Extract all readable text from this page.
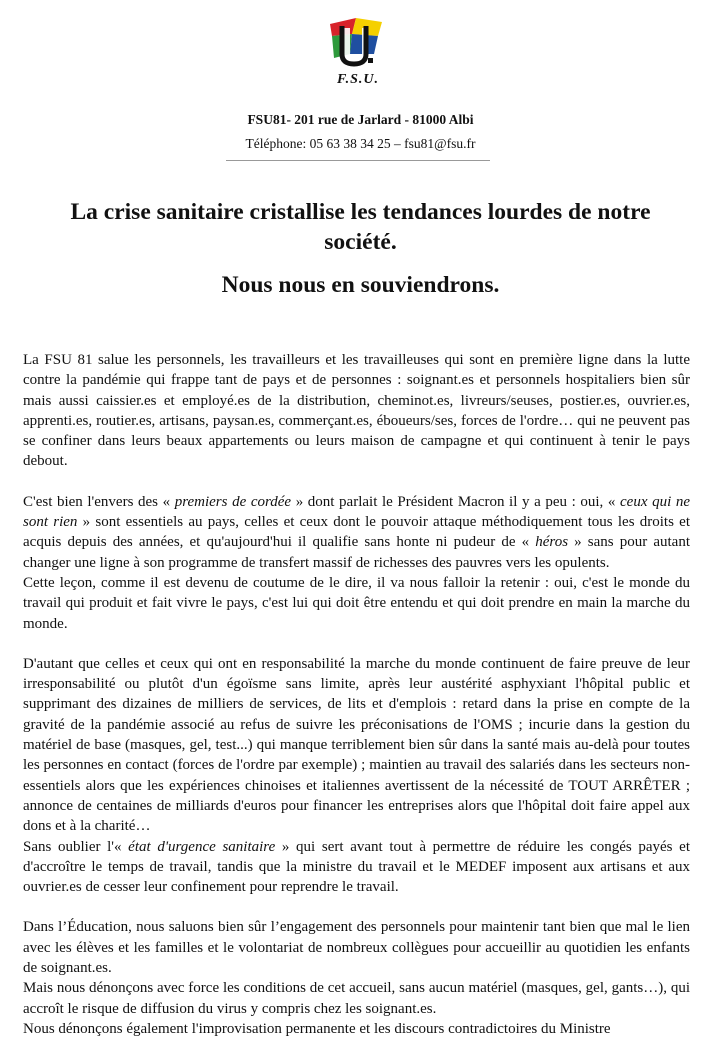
F.S.U.
FSU81- 201 rue de Jarlard - 81000 Albi
Téléphone: 05 63 38 34 25 – fsu81@fsu.fr
La crise sanitaire cristallise les tendances lourdes de notre société.
Nous nous en souviendrons.

La FSU 81 salue les personnels, les travailleurs et les travailleuses qui sont en première ligne dans la lutte contre la pandémie qui frappe tant de pays et de personnes : soignant.es et personnels hospitaliers bien sûr mais aussi caissier.es et employé.es de la distribution, cheminot.es, livreurs/seuses, postier.es, ouvrier.es, apprenti.es, routier.es, artisans, paysan.es, commerçant.es, éboueurs/ses, forces de l'ordre… qui ne peuvent pas se confiner dans leurs beaux appartements ou leurs maison de campagne et qui continuent à tenir le pays debout.

C'est bien l'envers des « premiers de cordée » dont parlait le Président Macron il y a peu : oui, « ceux qui ne sont rien » sont essentiels au pays, celles et ceux dont le pouvoir attaque méthodiquement tous les droits et acquis depuis des années, et qu'aujourd'hui il qualifie sans honte ni pudeur de « héros » sans pour autant changer une ligne à son programme de transfert massif de richesses des pauvres vers les opulents.

Cette leçon, comme il est devenu de coutume de le dire, il va nous falloir la retenir : oui, c'est le monde du travail qui produit et fait vivre le pays, c'est lui qui doit être entendu et qui doit prendre en main la marche du monde.

D'autant que celles et ceux qui ont en responsabilité la marche du monde continuent de faire preuve de leur irresponsabilité ou plutôt d'un égoïsme sans limite, après leur austérité asphyxiant l'hôpital public et supprimant des dizaines de milliers de services, de lits et d'emplois : retard dans la prise en compte de la gravité de la pandémie associé au refus de suivre les préconisations de l'OMS ; incurie dans la gestion du matériel de base (masques, gel, test...) qui manque terriblement bien sûr dans la santé mais au-delà pour toutes les personnes en contact (forces de l'ordre par exemple) ; maintien au travail des salariés dans les secteurs non-essentiels alors que les expériences chinoises et italiennes avertissent de la nécessité de TOUT ARRÊTER ; annonce de centaines de milliards d'euros pour financer les entreprises alors que l'hôpital doit faire appel aux dons et à la charité…

Sans oublier l'« état d'urgence sanitaire » qui sert avant tout à permettre de réduire les congés payés et d'accroître le temps de travail, tandis que la ministre du travail et le MEDEF imposent aux artisans et aux ouvrier.es de cesser leur confinement pour reprendre le travail.

Dans l’Éducation, nous saluons bien sûr l’engagement des personnels pour maintenir tant bien que mal le lien avec les élèves et les familles et le volontariat de nombreux collègues pour accueillir au quotidien les enfants de soignant.es.

Mais nous dénonçons avec force les conditions de cet accueil, sans aucun matériel (masques, gel, gants…), qui accroît le risque de diffusion du virus y compris chez les soignant.es.

Nous dénonçons également l'improvisation permanente et les discours contradictoires du Ministre
